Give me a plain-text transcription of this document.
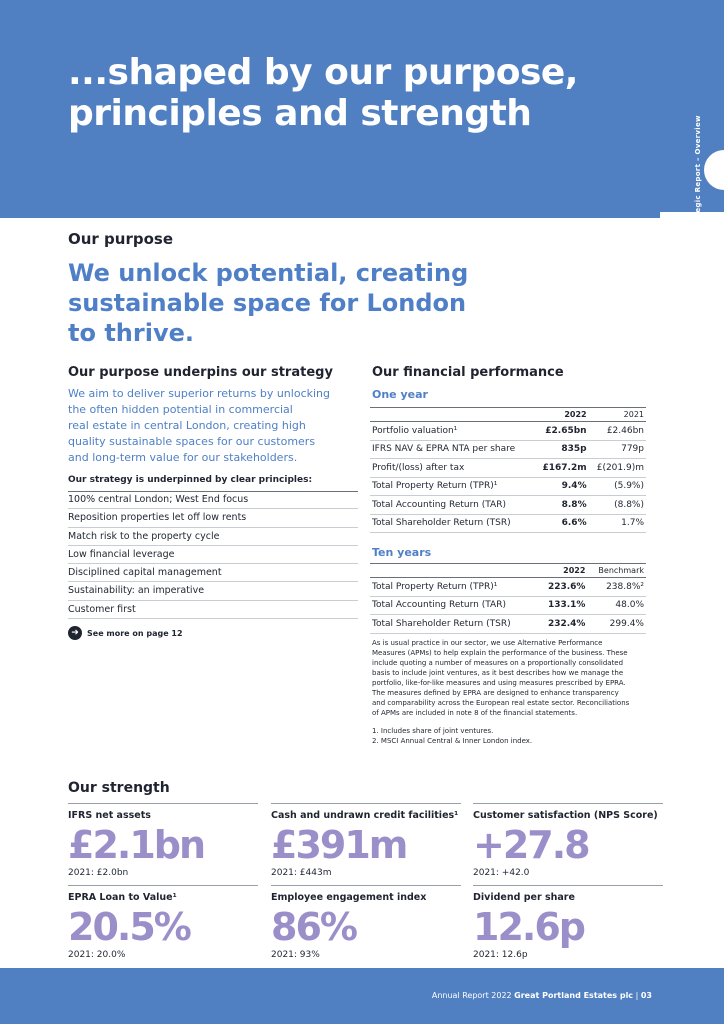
...shaped by our purpose,
principles and strength
Strategic Report – Overview
Our purpose
We unlock potential, creating
sustainable space for London
to thrive.
Our purpose underpins our strategy
We aim to deliver superior returns by unlocking
the often hidden potential in commercial
real estate in central London, creating high
quality sustainable spaces for our customers
and long-term value for our stakeholders.
Our strategy is underpinned by clear principles:
100% central London; West End focus
Reposition properties let off low rents
Match risk to the property cycle
Low financial leverage
Disciplined capital management
Sustainability: an imperative
Customer first
➜	See more on page 12
Our financial performance
One year
	2022	2021
Portfolio valuation¹	£2.65bn	£2.46bn
IFRS NAV & EPRA NTA per share	835p	779p
Profit/(loss) after tax	£167.2m	£(201.9)m
Total Property Return (TPR)¹	9.4%	(5.9%)
Total Accounting Return (TAR)	8.8%	(8.8%)
Total Shareholder Return (TSR)	6.6%	1.7%
Ten years
	2022	Benchmark
Total Property Return (TPR)¹	223.6%	238.8%²
Total Accounting Return (TAR)	133.1%	48.0%
Total Shareholder Return (TSR)	232.4%	299.4%
As is usual practice in our sector, we use Alternative Performance
Measures (APMs) to help explain the performance of the business. These
include quoting a number of measures on a proportionally consolidated
basis to include joint ventures, as it best describes how we manage the
portfolio, like-for-like measures and using measures prescribed by EPRA.
The measures defined by EPRA are designed to enhance transparency
and comparability across the European real estate sector. Reconciliations
of APMs are included in note 8 of the financial statements.
1. Includes share of joint ventures.
2. MSCI Annual Central & Inner London index.
Our strength
IFRS net assets
£2.1bn
2021: £2.0bn
Cash and undrawn credit facilities¹
£391m
2021: £443m
Customer satisfaction (NPS Score)
+27.8
2021: +42.0
EPRA Loan to Value¹
20.5%
2021: 20.0%
Employee engagement index
86%
2021: 93%
Dividend per share
12.6p
2021: 12.6p
Annual Report 2022 Great Portland Estates plc | 03
